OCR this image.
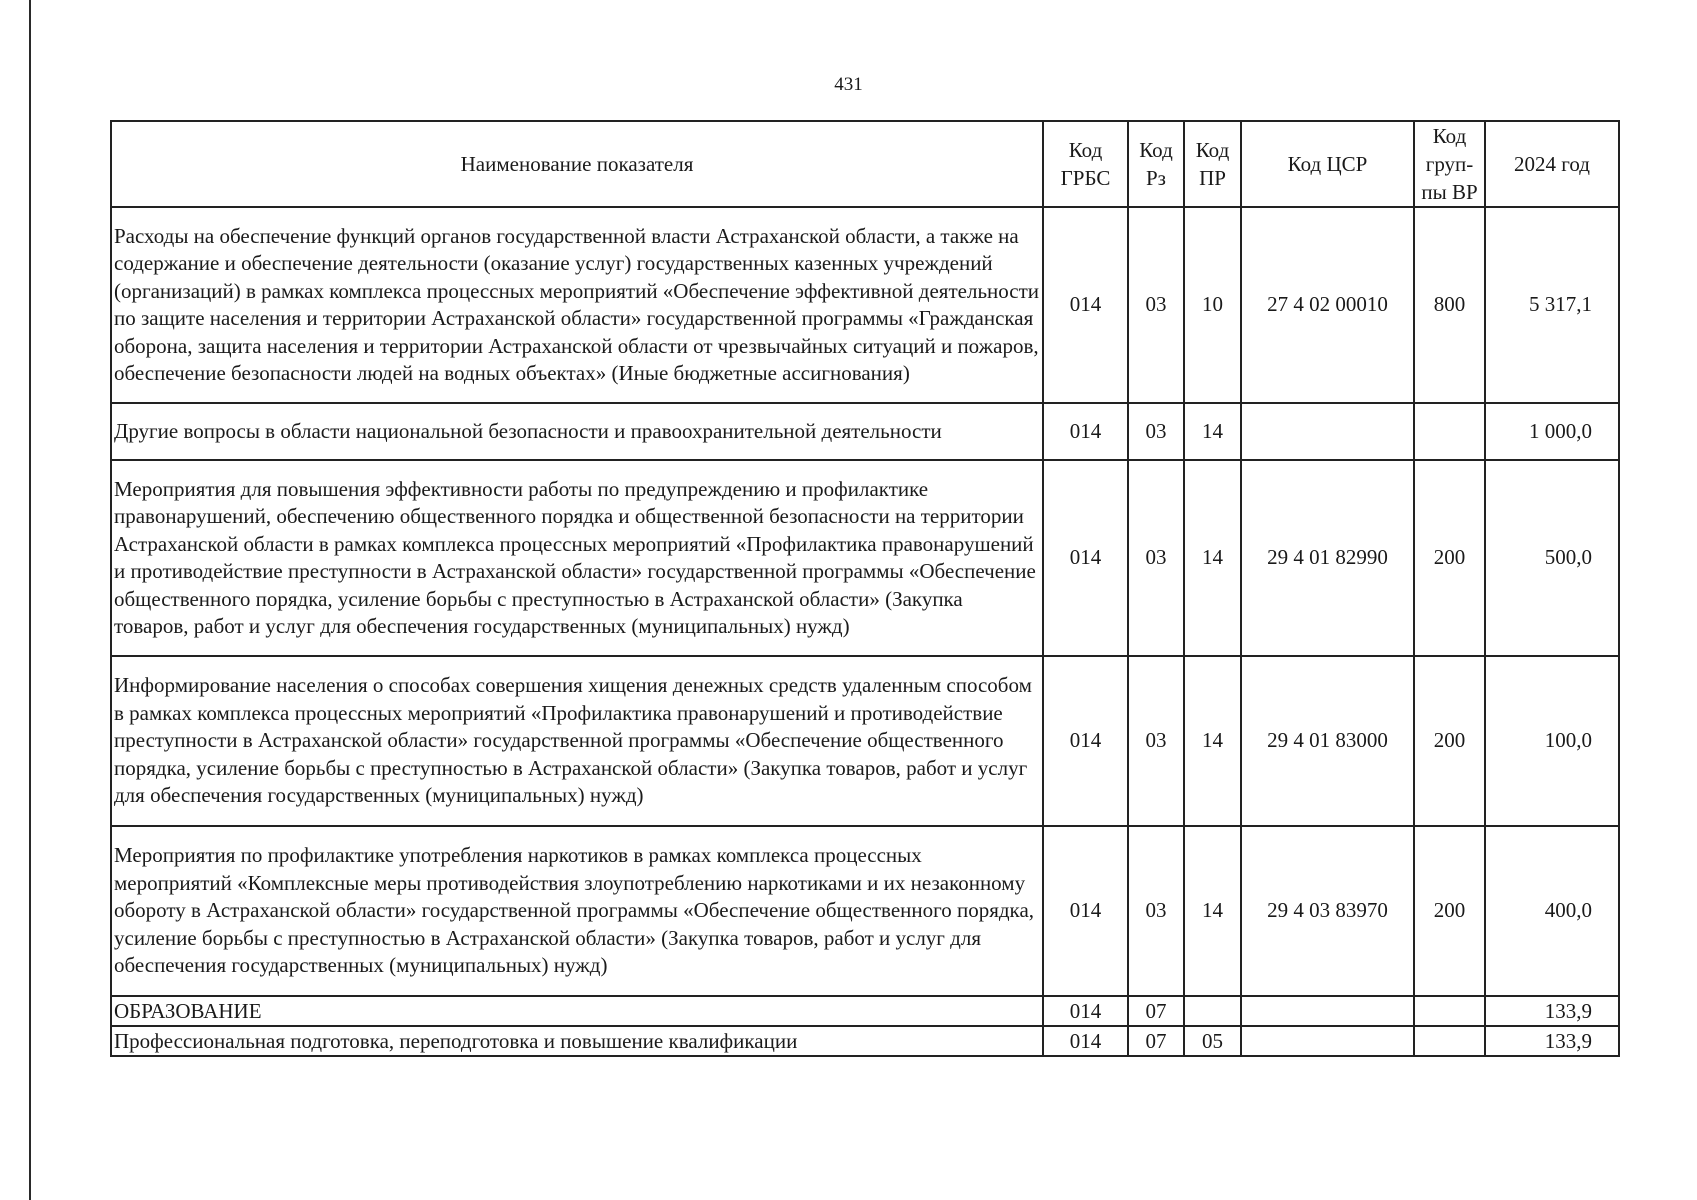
431
Наименование показателя	Код ГРБС	Код Рз	Код ПР	Код ЦСР	Код груп-пы ВР	2024 год
Расходы на обеспечение функций органов государственной власти Астраханской области, а также на содержание и обеспечение деятельности (оказание услуг) государственных казенных учреждений (организаций) в рамках комплекса процессных мероприятий «Обеспечение эффективной деятельности по защите населения и территории Астраханской области» государственной программы «Гражданская оборона, защита населения и территории Астраханской области от чрезвычайных ситуаций и пожаров, обеспечение безопасности людей на водных объектах» (Иные бюджетные ассигнования)	014	03	10	27 4 02 00010	800	5 317,1
Другие вопросы в области национальной безопасности и правоохранительной деятельности	014	03	14			1 000,0
Мероприятия для повышения эффективности работы по предупреждению и профилактике правонарушений, обеспечению общественного порядка и общественной безопасности на территории Астраханской области в рамках комплекса процессных мероприятий «Профилактика правонарушений и противодействие преступности в Астраханской области» государственной программы «Обеспечение общественного порядка, усиление борьбы с преступностью в Астраханской области» (Закупка товаров, работ и услуг для обеспечения государственных (муниципальных) нужд)	014	03	14	29 4 01 82990	200	500,0
Информирование населения о способах совершения хищения денежных средств удаленным способом в рамках комплекса процессных мероприятий «Профилактика правонарушений и противодействие преступности в Астраханской области» государственной программы «Обеспечение общественного порядка, усиление борьбы с преступностью в Астраханской области» (Закупка товаров, работ и услуг для обеспечения государственных (муниципальных) нужд)	014	03	14	29 4 01 83000	200	100,0
Мероприятия по профилактике употребления наркотиков в рамках комплекса процессных мероприятий «Комплексные меры противодействия злоупотреблению наркотиками и их незаконному обороту в Астраханской области» государственной программы «Обеспечение общественного порядка, усиление борьбы с преступностью в Астраханской области» (Закупка товаров, работ и услуг для обеспечения государственных (муниципальных) нужд)	014	03	14	29 4 03 83970	200	400,0
ОБРАЗОВАНИЕ	014	07				133,9
Профессиональная подготовка, переподготовка и повышение квалификации	014	07	05			133,9
